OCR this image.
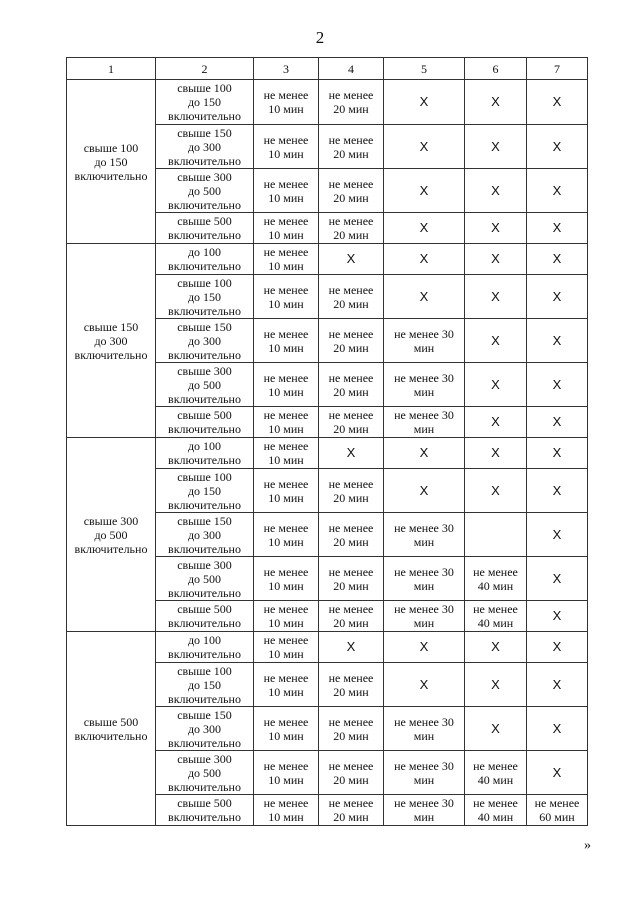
2
1	2	3	4	5	6	7
свыше 100
до 150
включительно	свыше 100
до 150
включительно	не менее
10 мин	не менее
20 мин	X	X	X
	свыше 150
до 300
включительно	не менее
10 мин	не менее
20 мин	X	X	X
	свыше 300
до 500
включительно	не менее
10 мин	не менее
20 мин	X	X	X
	свыше 500
включительно	не менее
10 мин	не менее
20 мин	X	X	X
свыше 150
до 300
включительно	до 100
включительно	не менее
10 мин	X	X	X	X
	свыше 100
до 150
включительно	не менее
10 мин	не менее
20 мин	X	X	X
	свыше 150
до 300
включительно	не менее
10 мин	не менее
20 мин	не менее 30
мин	X	X
	свыше 300
до 500
включительно	не менее
10 мин	не менее
20 мин	не менее 30
мин	X	X
	свыше 500
включительно	не менее
10 мин	не менее
20 мин	не менее 30
мин	X	X
свыше 300
до 500
включительно	до 100
включительно	не менее
10 мин	X	X	X	X
	свыше 100
до 150
включительно	не менее
10 мин	не менее
20 мин	X	X	X
	свыше 150
до 300
включительно	не менее
10 мин	не менее
20 мин	не менее 30
мин		X
	свыше 300
до 500
включительно	не менее
10 мин	не менее
20 мин	не менее 30
мин	не менее
40 мин	X
	свыше 500
включительно	не менее
10 мин	не менее
20 мин	не менее 30
мин	не менее
40 мин	X
свыше 500
включительно	до 100
включительно	не менее
10 мин	X	X	X	X
	свыше 100
до 150
включительно	не менее
10 мин	не менее
20 мин	X	X	X
	свыше 150
до 300
включительно	не менее
10 мин	не менее
20 мин	не менее 30
мин	X	X
	свыше 300
до 500
включительно	не менее
10 мин	не менее
20 мин	не менее 30
мин	не менее
40 мин	X
	свыше 500
включительно	не менее
10 мин	не менее
20 мин	не менее 30
мин	не менее
40 мин	не менее
60 мин
»
